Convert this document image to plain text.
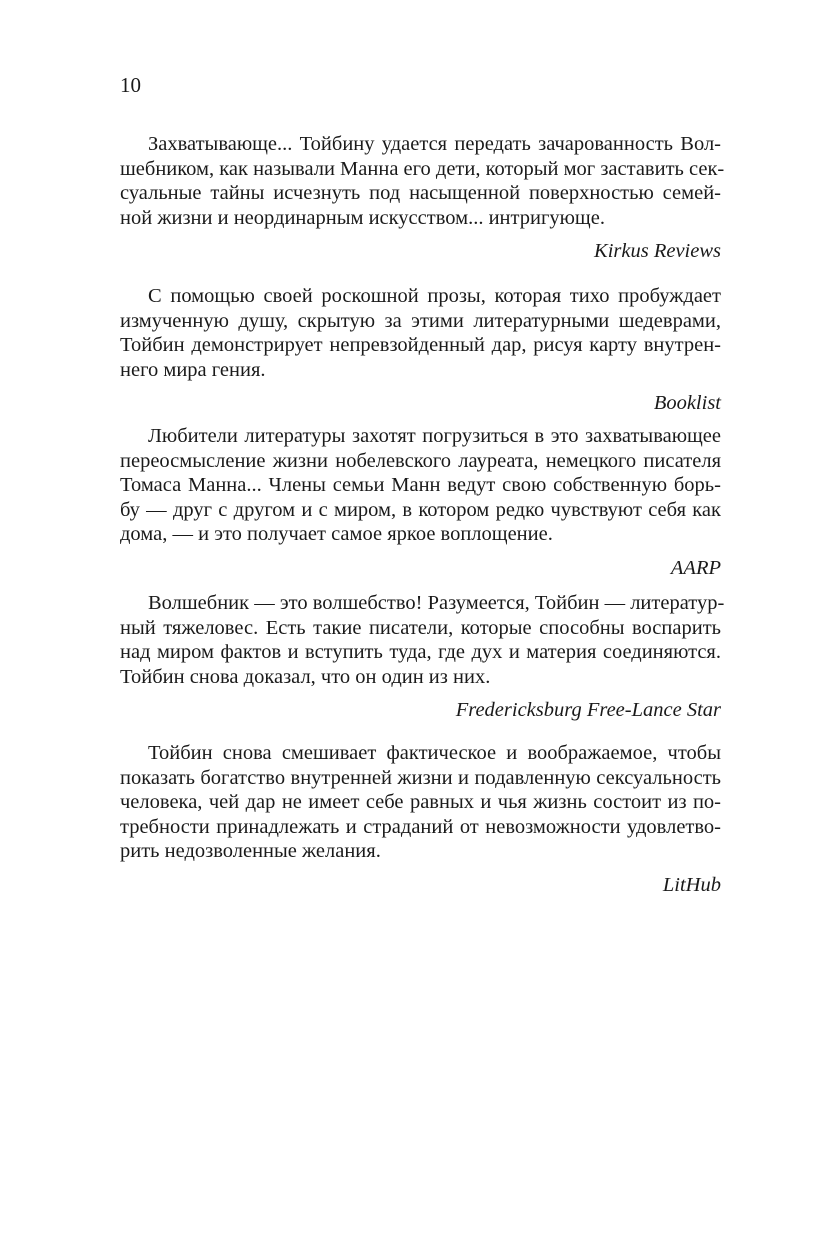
10
Захватывающе... Тойбину удается передать зачарованность Вол-
шебником, как называли Манна его дети, который мог заставить сек-
суальные тайны исчезнуть под насыщенной поверхностью семей-
ной жизни и неординарным искусством... интригующе.
Kirkus Reviews
С помощью своей роскошной прозы, которая тихо пробуждает
измученную душу, скрытую за этими литературными шедеврами,
Тойбин демонстрирует непревзойденный дар, рисуя карту внутрен-
него мира гения.
Booklist
Любители литературы захотят погрузиться в это захватывающее
переосмысление жизни нобелевского лауреата, немецкого писателя
Томаса Манна... Члены семьи Манн ведут свою собственную борь-
бу — друг с другом и с миром, в котором редко чувствуют себя как
дома, — и это получает самое яркое воплощение.
AARP
Волшебник — это волшебство! Разумеется, Тойбин — литератур-
ный тяжеловес. Есть такие писатели, которые способны воспарить
над миром фактов и вступить туда, где дух и материя соединяются.
Тойбин снова доказал, что он один из них.
Fredericksburg Free-Lance Star
Тойбин снова смешивает фактическое и воображаемое, чтобы
показать богатство внутренней жизни и подавленную сексуальность
человека, чей дар не имеет себе равных и чья жизнь состоит из по-
требности принадлежать и страданий от невозможности удовлетво-
рить недозволенные желания.
LitHub
